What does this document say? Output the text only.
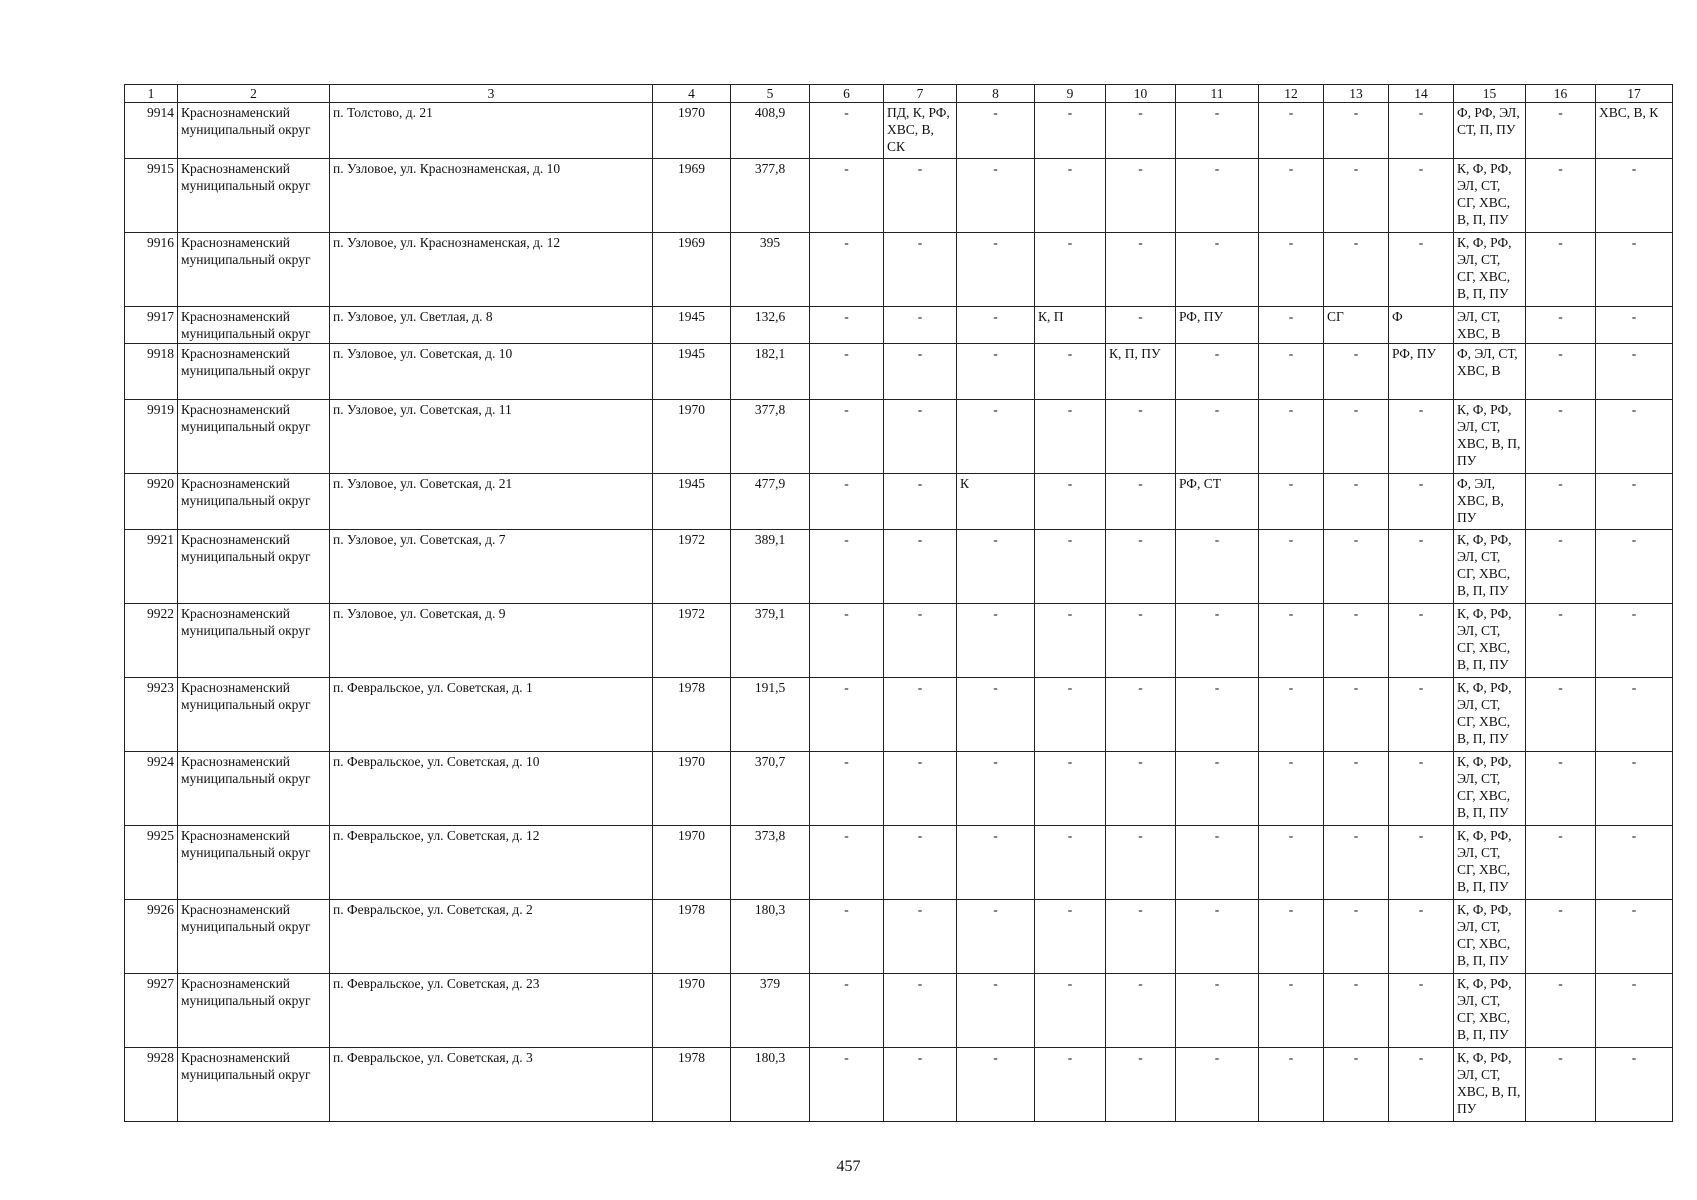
1	2	3	4	5	6	7	8	9	10	11	12	13	14	15	16	17
9914	Краснознаменский муниципальный округ	п. Толстово, д. 21	1970	408,9	-	ПД, К, РФ, ХВС, В, СК	-	-	-	-	-	-	-	Ф, РФ, ЭЛ, СТ, П, ПУ	-	ХВС, В, К
9915	Краснознаменский муниципальный округ	п. Узловое, ул. Краснознаменская, д. 10	1969	377,8	-	-	-	-	-	-	-	-	-	К, Ф, РФ, ЭЛ, СТ, СГ, ХВС, В, П, ПУ	-	-
9916	Краснознаменский муниципальный округ	п. Узловое, ул. Краснознаменская, д. 12	1969	395	-	-	-	-	-	-	-	-	-	К, Ф, РФ, ЭЛ, СТ, СГ, ХВС, В, П, ПУ	-	-
9917	Краснознаменский муниципальный округ	п. Узловое, ул. Светлая, д. 8	1945	132,6	-	-	-	К, П	-	РФ, ПУ	-	СГ	Ф	ЭЛ, СТ, ХВС, В	-	-
9918	Краснознаменский муниципальный округ	п. Узловое, ул. Советская, д. 10	1945	182,1	-	-	-	-	К, П, ПУ	-	-	-	РФ, ПУ	Ф, ЭЛ, СТ, ХВС, В	-	-
9919	Краснознаменский муниципальный округ	п. Узловое, ул. Советская, д. 11	1970	377,8	-	-	-	-	-	-	-	-	-	К, Ф, РФ, ЭЛ, СТ, ХВС, В, П, ПУ	-	-
9920	Краснознаменский муниципальный округ	п. Узловое, ул. Советская, д. 21	1945	477,9	-	-	К	-	-	РФ, СТ	-	-	-	Ф, ЭЛ, ХВС, В, ПУ	-	-
9921	Краснознаменский муниципальный округ	п. Узловое, ул. Советская, д. 7	1972	389,1	-	-	-	-	-	-	-	-	-	К, Ф, РФ, ЭЛ, СТ, СГ, ХВС, В, П, ПУ	-	-
9922	Краснознаменский муниципальный округ	п. Узловое, ул. Советская, д. 9	1972	379,1	-	-	-	-	-	-	-	-	-	К, Ф, РФ, ЭЛ, СТ, СГ, ХВС, В, П, ПУ	-	-
9923	Краснознаменский муниципальный округ	п. Февральское, ул. Советская, д. 1	1978	191,5	-	-	-	-	-	-	-	-	-	К, Ф, РФ, ЭЛ, СТ, СГ, ХВС, В, П, ПУ	-	-
9924	Краснознаменский муниципальный округ	п. Февральское, ул. Советская, д. 10	1970	370,7	-	-	-	-	-	-	-	-	-	К, Ф, РФ, ЭЛ, СТ, СГ, ХВС, В, П, ПУ	-	-
9925	Краснознаменский муниципальный округ	п. Февральское, ул. Советская, д. 12	1970	373,8	-	-	-	-	-	-	-	-	-	К, Ф, РФ, ЭЛ, СТ, СГ, ХВС, В, П, ПУ	-	-
9926	Краснознаменский муниципальный округ	п. Февральское, ул. Советская, д. 2	1978	180,3	-	-	-	-	-	-	-	-	-	К, Ф, РФ, ЭЛ, СТ, СГ, ХВС, В, П, ПУ	-	-
9927	Краснознаменский муниципальный округ	п. Февральское, ул. Советская, д. 23	1970	379	-	-	-	-	-	-	-	-	-	К, Ф, РФ, ЭЛ, СТ, СГ, ХВС, В, П, ПУ	-	-
9928	Краснознаменский муниципальный округ	п. Февральское, ул. Советская, д. 3	1978	180,3	-	-	-	-	-	-	-	-	-	К, Ф, РФ, ЭЛ, СТ, ХВС, В, П, ПУ	-	-
457
